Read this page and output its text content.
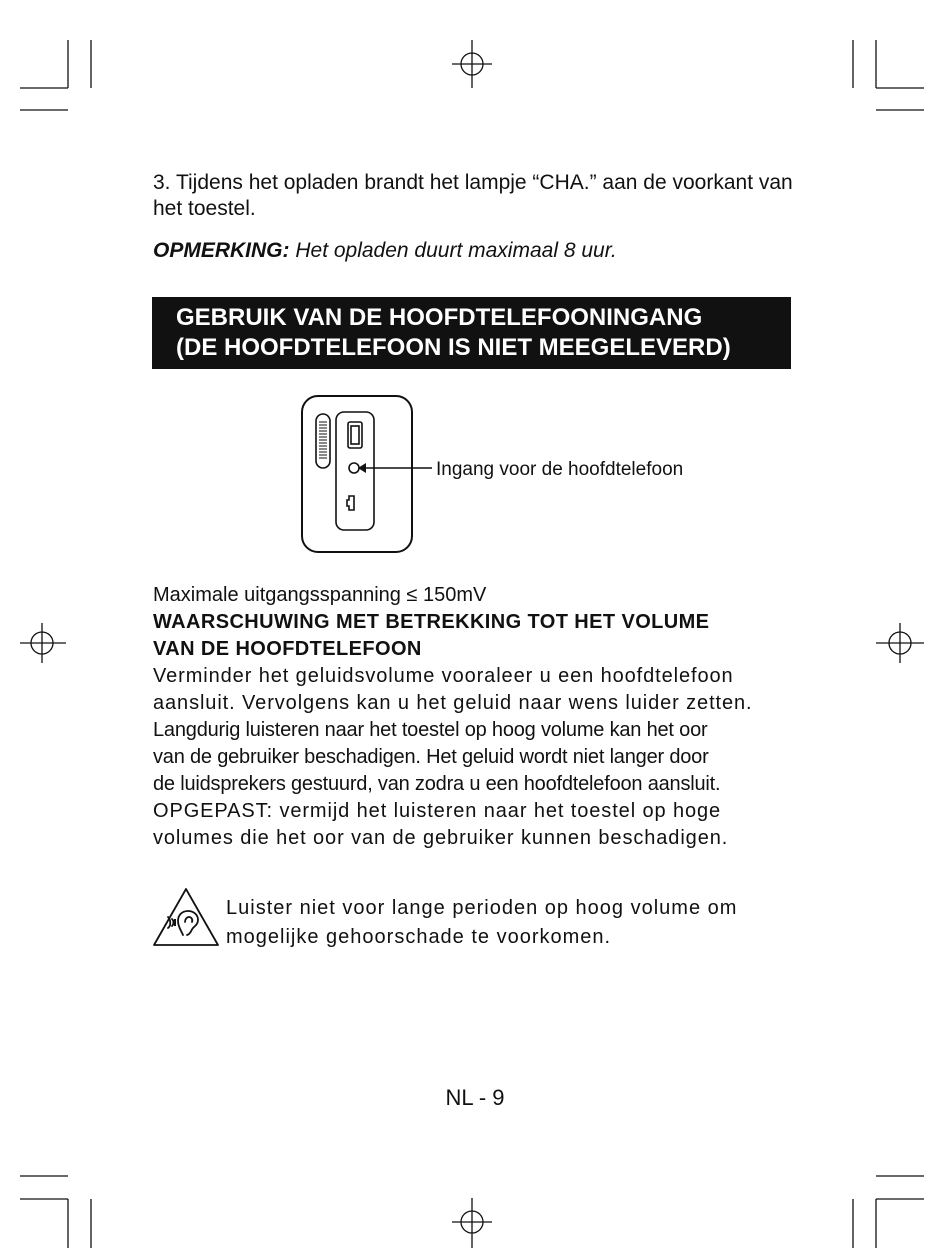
3. Tijdens het opladen brandt het lampje “CHA.” aan de voorkant van het toestel.

OPMERKING: Het opladen duurt maximaal 8 uur.

GEBRUIK VAN DE HOOFDTELEFOONINGANG
(DE HOOFDTELEFOON IS NIET MEEGELEVERD)
Ingang voor de hoofdtelefoon

Maximale uitgangsspanning ≤ 150mV

WAARSCHUWING MET BETREKKING TOT HET VOLUME
VAN DE HOOFDTELEFOON

Verminder het geluidsvolume vooraleer u een hoofdtelefoon
aansluit. Vervolgens kan u het geluid naar wens luider zetten.
Langdurig luisteren naar het toestel op hoog volume kan het oor
van de gebruiker beschadigen. Het geluid wordt niet langer door
de luidsprekers gestuurd, van zodra u een hoofdtelefoon aansluit.
OPGEPAST: vermijd het luisteren naar het toestel op hoge
volumes die het oor van de gebruiker kunnen beschadigen.

Luister niet voor lange perioden op hoog volume om
mogelijke gehoorschade te voorkomen.
NL - 9
